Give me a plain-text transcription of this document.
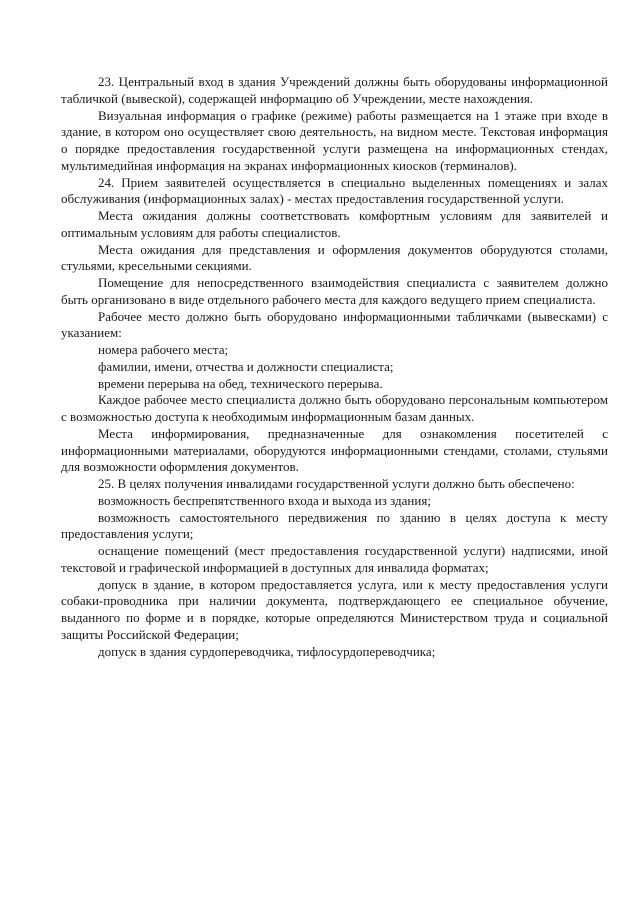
23. Центральный вход в здания Учреждений должны быть оборудованы информационной табличкой (вывеской), содержащей информацию об Учреждении, месте нахождения.

Визуальная информация о графике (режиме) работы размещается на 1 этаже при входе в здание, в котором оно осуществляет свою деятельность, на видном месте. Текстовая информация о порядке предоставления государственной услуги размещена на информационных стендах, мультимедийная информация на экранах информационных киосков (терминалов).

24. Прием заявителей осуществляется в специально выделенных помещениях и залах обслуживания (информационных залах) - местах предоставления государственной услуги.

Места ожидания должны соответствовать комфортным условиям для заявителей и оптимальным условиям для работы специалистов.

Места ожидания для представления и оформления документов оборудуются столами, стульями, кресельными секциями.

Помещение для непосредственного взаимодействия специалиста с заявителем должно быть организовано в виде отдельного рабочего места для каждого ведущего прием специалиста.

Рабочее место должно быть оборудовано информационными табличками (вывесками) с указанием:

номера рабочего места;

фамилии, имени, отчества и должности специалиста;

времени перерыва на обед, технического перерыва.

Каждое рабочее место специалиста должно быть оборудовано персональным компьютером с возможностью доступа к необходимым информационным базам данных.

Места информирования, предназначенные для ознакомления посетителей с информационными материалами, оборудуются информационными стендами, столами, стульями для возможности оформления документов.

25. В целях получения инвалидами государственной услуги должно быть обеспечено:

возможность беспрепятственного входа и выхода из здания;

возможность самостоятельного передвижения по зданию в целях доступа к месту предоставления услуги;

оснащение помещений (мест предоставления государственной услуги) надписями, иной текстовой и графической информацией в доступных для инвалида форматах;

допуск в здание, в котором предоставляется услуга, или к месту предоставления услуги собаки-проводника при наличии документа, подтверждающего ее специальное обучение, выданного по форме и в порядке, которые определяются Министерством труда и социальной защиты Российской Федерации;

допуск в здания сурдопереводчика, тифлосурдопереводчика;
